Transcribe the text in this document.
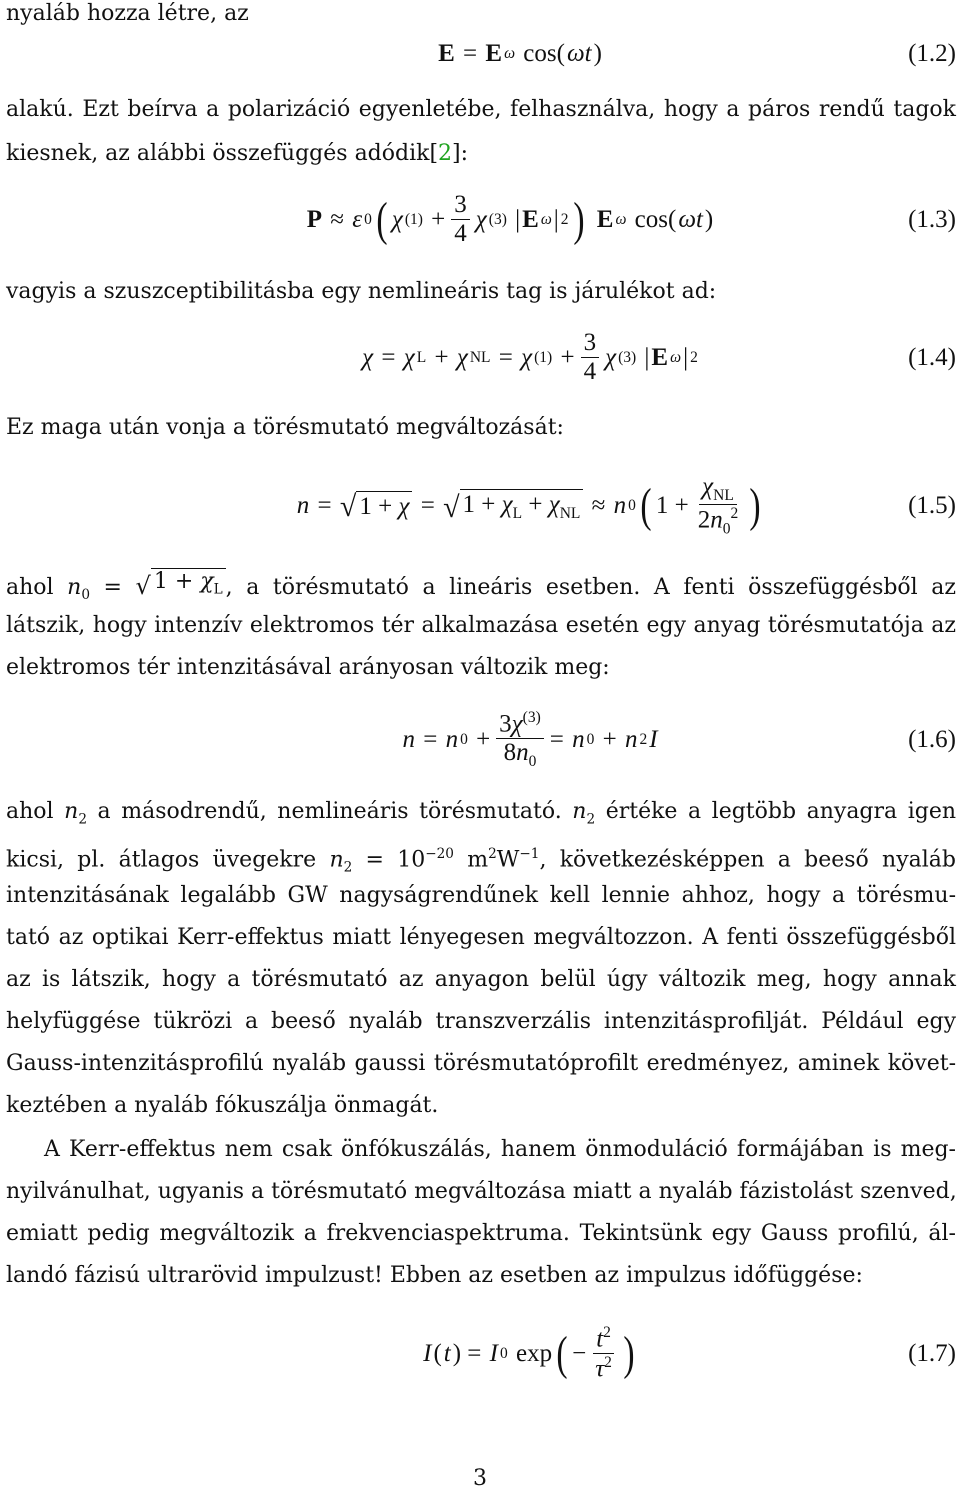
nyaláb hozza létre, az
E = E ω cos( ωt )	(1.2)
alakú. Ezt beírva a polarizáció egyenletébe, felhasználva, hogy a páros rendű tagok
kiesnek, az alábbi összefüggés adódik[2]:
P ≈ ε 0 ( χ $(1) + \frac{3}{4}$ χ (3) | E ω | 2 )
E ω cos( ωt )	(1.3)
vagyis a szuszceptibilitásba egy nemlineáris tag is járulékot ad:
χ = χ L + χ NL = χ $(1) + \frac{3}{4}$ χ (3) | E ω | 2	(1.4)
Ez maga után vonja a törésmutató megváltozását:
n = √ 1 + χ = √ $1 + \chi_L + \chi_{NL} \approx n$ 0 ( $1 + \frac{\chi_{NL}}{2n_0^2}$ )	(1.5)
ahol $n_0$ = √ $1 + \chi_L$ , a törésmutató a lineáris esetben. A fenti összefüggésből az
látszik, hogy intenzív elektromos tér alkalmazása esetén egy anyag törésmutatója az
elektromos tér intenzitásával arányosan változik meg:
n = n $0 + \frac{3\chi^{(3)}}{8n_0} = n$ 0 + n 2 I	(1.6)
ahol $n_2$ a másodrendű, nemlineáris törésmutató. $n_2$ értéke a legtöbb anyagra igen
kicsi, pl. átlagos üvegekre $n_2 = 10^{-20}$ $m^2W^{-1}$, következésképpen a beeső nyaláb
intenzitásának legalább GW nagyságrendűnek kell lennie ahhoz, hogy a törésmu-
tató az optikai Kerr-effektus miatt lényegesen megváltozzon. A fenti összefüggésből
az is látszik, hogy a törésmutató az anyagon belül úgy változik meg, hogy annak
helyfüggése tükrözi a beeső nyaláb transzverzális intenzitásprofilját. Például egy
Gauss-intenzitásprofilú nyaláb gaussi törésmutatóprofilt eredményez, aminek követ-
keztében a nyaláb fókuszálja önmagát.
A Kerr-effektus nem csak önfókuszálás, hanem önmoduláció formájában is meg-
nyilvánulhat, ugyanis a törésmutató megváltozása miatt a nyaláb fázistolást szenved,
emiatt pedig megváltozik a frekvenciaspektruma. Tekintsünk egy Gauss profilú, ál-
landó fázisú ultrarövid impulzust! Ebben az esetben az impulzus időfüggése:
I ( t ) = I 0 exp ( − $\frac{t^2}{\tau^2}$ )	(1.7)
3
